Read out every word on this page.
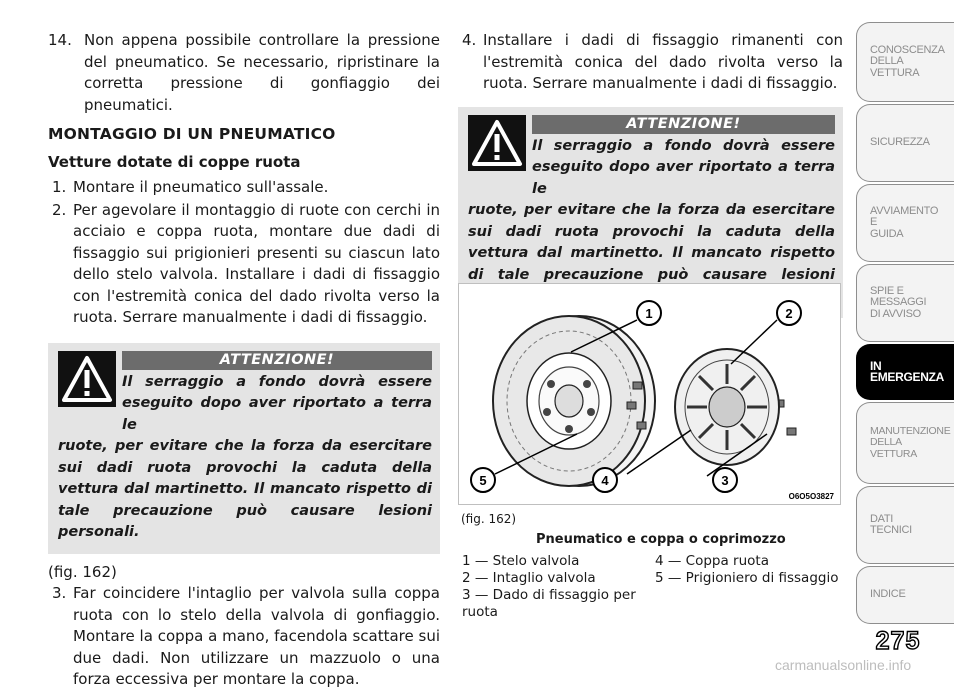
14. Non appena possibile controllare la pressione del pneumatico. Se necessario, ripristinare la corretta pressione di gonfiaggio dei pneumatici.
MONTAGGIO DI UN PNEUMATICO
Vetture dotate di coppe ruota
1. Montare il pneumatico sull'assale.
2. Per agevolare il montaggio di ruote con cerchi in acciaio e coppa ruota, montare due dadi di fissaggio sui prigionieri presenti su ciascun lato dello stelo valvola. Installare i dadi di fissaggio con l'estremità conica del dado rivolta verso la ruota. Serrare manualmente i dadi di fissaggio.
ATTENZIONE!
Il serraggio a fondo dovrà essere eseguito dopo aver riportato a terra le
ruote, per evitare che la forza da esercitare sui dadi ruota provochi la caduta della vettura dal martinetto. Il mancato rispetto di tale precauzione può causare lesioni personali.
(fig. 162)
3. Far coincidere l'intaglio per valvola sulla coppa ruota con lo stelo della valvola di gonfiaggio. Montare la coppa a mano, facendola scattare sui due dadi. Non utilizzare un mazzuolo o una forza eccessiva per montare la coppa.
4. Installare i dadi di fissaggio rimanenti con l'estremità conica del dado rivolta verso la ruota. Serrare manualmente i dadi di fissaggio.
ATTENZIONE!
Il serraggio a fondo dovrà essere eseguito dopo aver riportato a terra le
ruote, per evitare che la forza da esercitare sui dadi ruota provochi la caduta della vettura dal martinetto. Il mancato rispetto di tale precauzione può causare lesioni
1	2
3
4
5
O6O5O3827
(fig. 162)
Pneumatico e coppa o coprimozzo
1 — Stelo valvola
2 — Intaglio valvola
3 — Dado di fissaggio per
ruota
4 — Coppa ruota
5 — Prigioniero di fissaggio
CONOSCENZA
DELLA
VETTURA
SICUREZZA
AVVIAMENTO
E
GUIDA
SPIE E
MESSAGGI
DI AVVISO
IN
EMERGENZA
MANUTENZIONE
DELLA
VETTURA
DATI
TECNICI
INDICE
275
carmanualsonline.info
